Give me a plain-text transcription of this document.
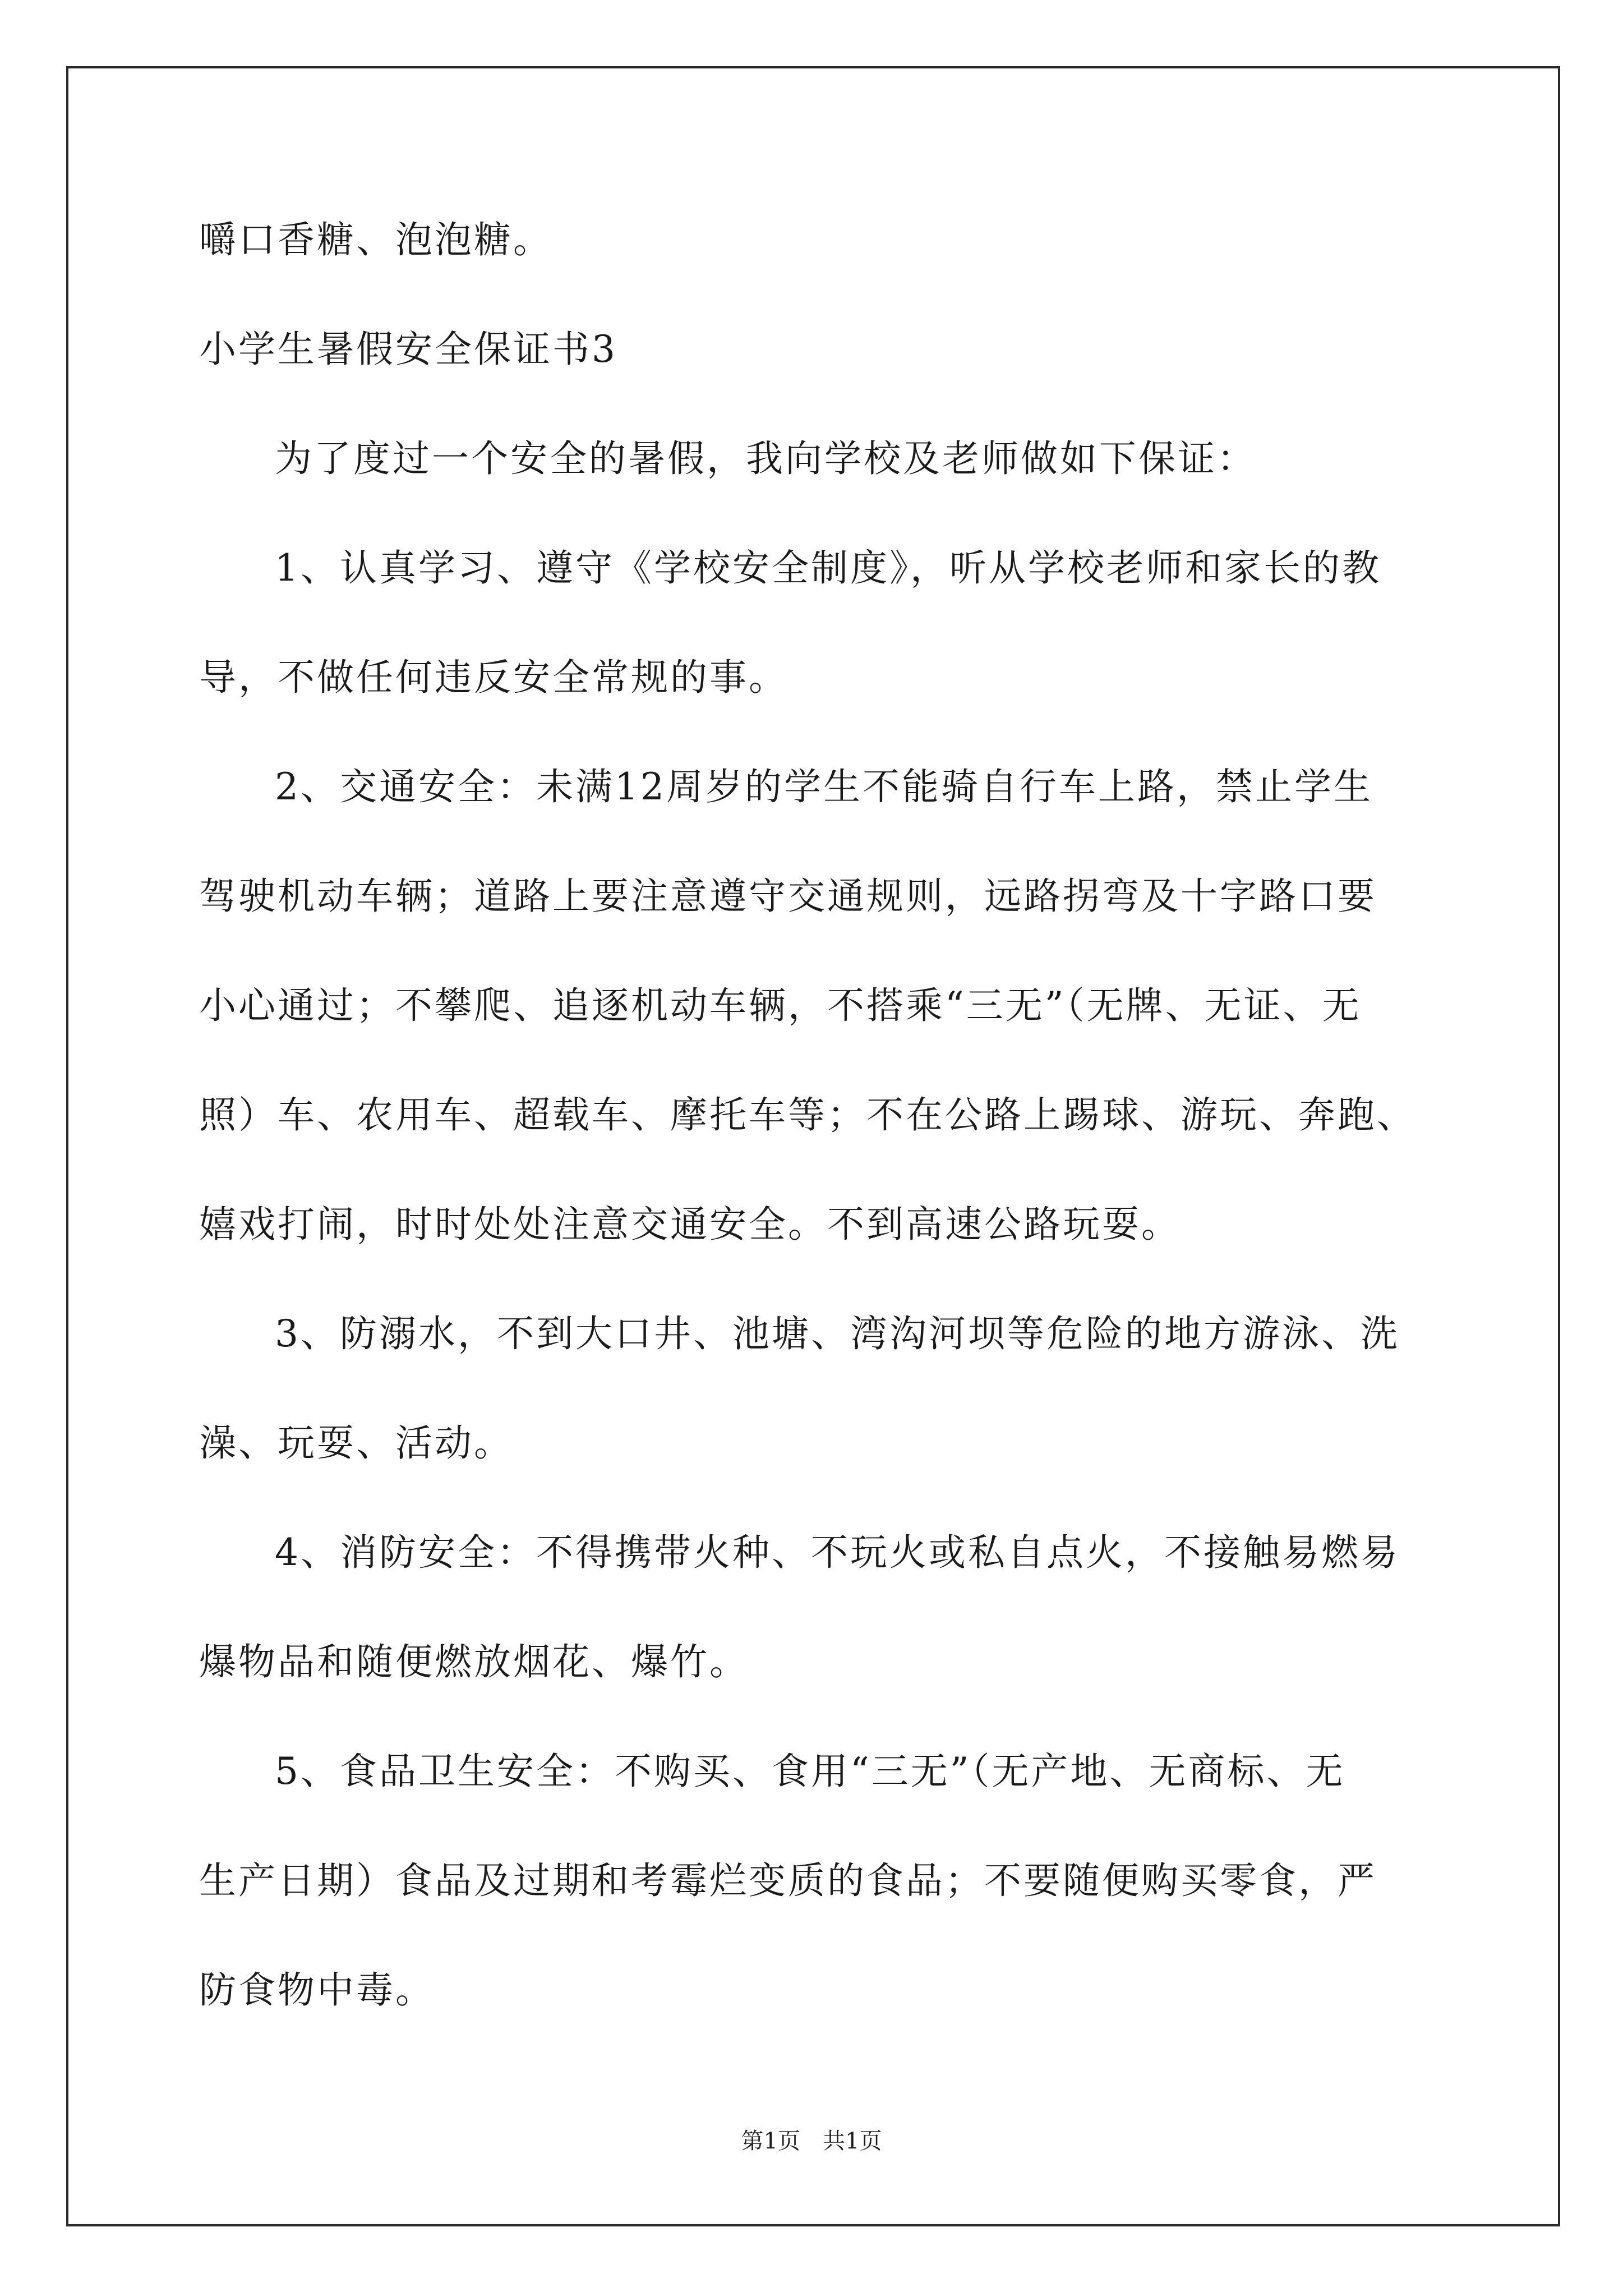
嚼口香糖、泡泡糖。

小学生暑假安全保证书3

为了度过一个安全的暑假，我向学校及老师做如下保证：

1、认真学习、遵守《学校安全制度》，听从学校老师和家长的教

导，不做任何违反安全常规的事。

2、交通安全：未满12周岁的学生不能骑自行车上路，禁止学生

驾驶机动车辆；道路上要注意遵守交通规则，远路拐弯及十字路口要

小心通过；不攀爬、追逐机动车辆，不搭乘“三无”（无牌、无证、无

照）车、农用车、超载车、摩托车等；不在公路上踢球、游玩、奔跑、

嬉戏打闹，时时处处注意交通安全。不到高速公路玩耍。

3、防溺水，不到大口井、池塘、湾沟河坝等危险的地方游泳、洗

澡、玩耍、活动。

4、消防安全：不得携带火种、不玩火或私自点火，不接触易燃易

爆物品和随便燃放烟花、爆竹。

5、食品卫生安全：不购买、食用“三无”（无产地、无商标、无

生产日期）食品及过期和考霉烂变质的食品；不要随便购买零食，严

防食物中毒。

第1页 共1页
